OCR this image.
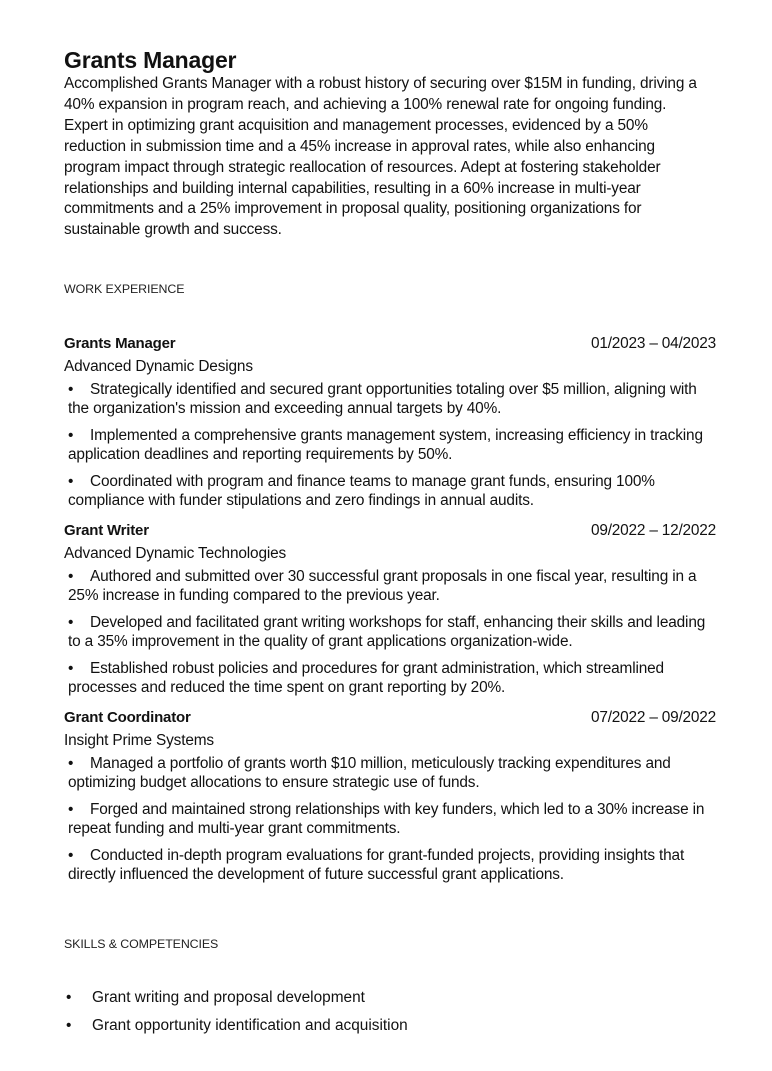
Grants Manager

Accomplished Grants Manager with a robust history of securing over $15M in funding, driving a 40% expansion in program reach, and achieving a 100% renewal rate for ongoing funding. Expert in optimizing grant acquisition and management processes, evidenced by a 50% reduction in submission time and a 45% increase in approval rates, while also enhancing program impact through strategic reallocation of resources. Adept at fostering stakeholder relationships and building internal capabilities, resulting in a 60% increase in multi-year commitments and a 25% improvement in proposal quality, positioning organizations for sustainable growth and success.

WORK EXPERIENCE
Grants Manager	01/2023 – 04/2023
Advanced Dynamic Designs
• Strategically identified and secured grant opportunities totaling over $5 million, aligning with the organization's mission and exceeding annual targets by 40%.
• Implemented a comprehensive grants management system, increasing efficiency in tracking application deadlines and reporting requirements by 50%.
• Coordinated with program and finance teams to manage grant funds, ensuring 100% compliance with funder stipulations and zero findings in annual audits.
Grant Writer	09/2022 – 12/2022
Advanced Dynamic Technologies
• Authored and submitted over 30 successful grant proposals in one fiscal year, resulting in a 25% increase in funding compared to the previous year.
• Developed and facilitated grant writing workshops for staff, enhancing their skills and leading to a 35% improvement in the quality of grant applications organization-wide.
• Established robust policies and procedures for grant administration, which streamlined processes and reduced the time spent on grant reporting by 20%.
Grant Coordinator	07/2022 – 09/2022
Insight Prime Systems
• Managed a portfolio of grants worth $10 million, meticulously tracking expenditures and optimizing budget allocations to ensure strategic use of funds.
• Forged and maintained strong relationships with key funders, which led to a 30% increase in repeat funding and multi-year grant commitments.
• Conducted in-depth program evaluations for grant-funded projects, providing insights that directly influenced the development of future successful grant applications.
SKILLS & COMPETENCIES
•	Grant writing and proposal development
•	Grant opportunity identification and acquisition
